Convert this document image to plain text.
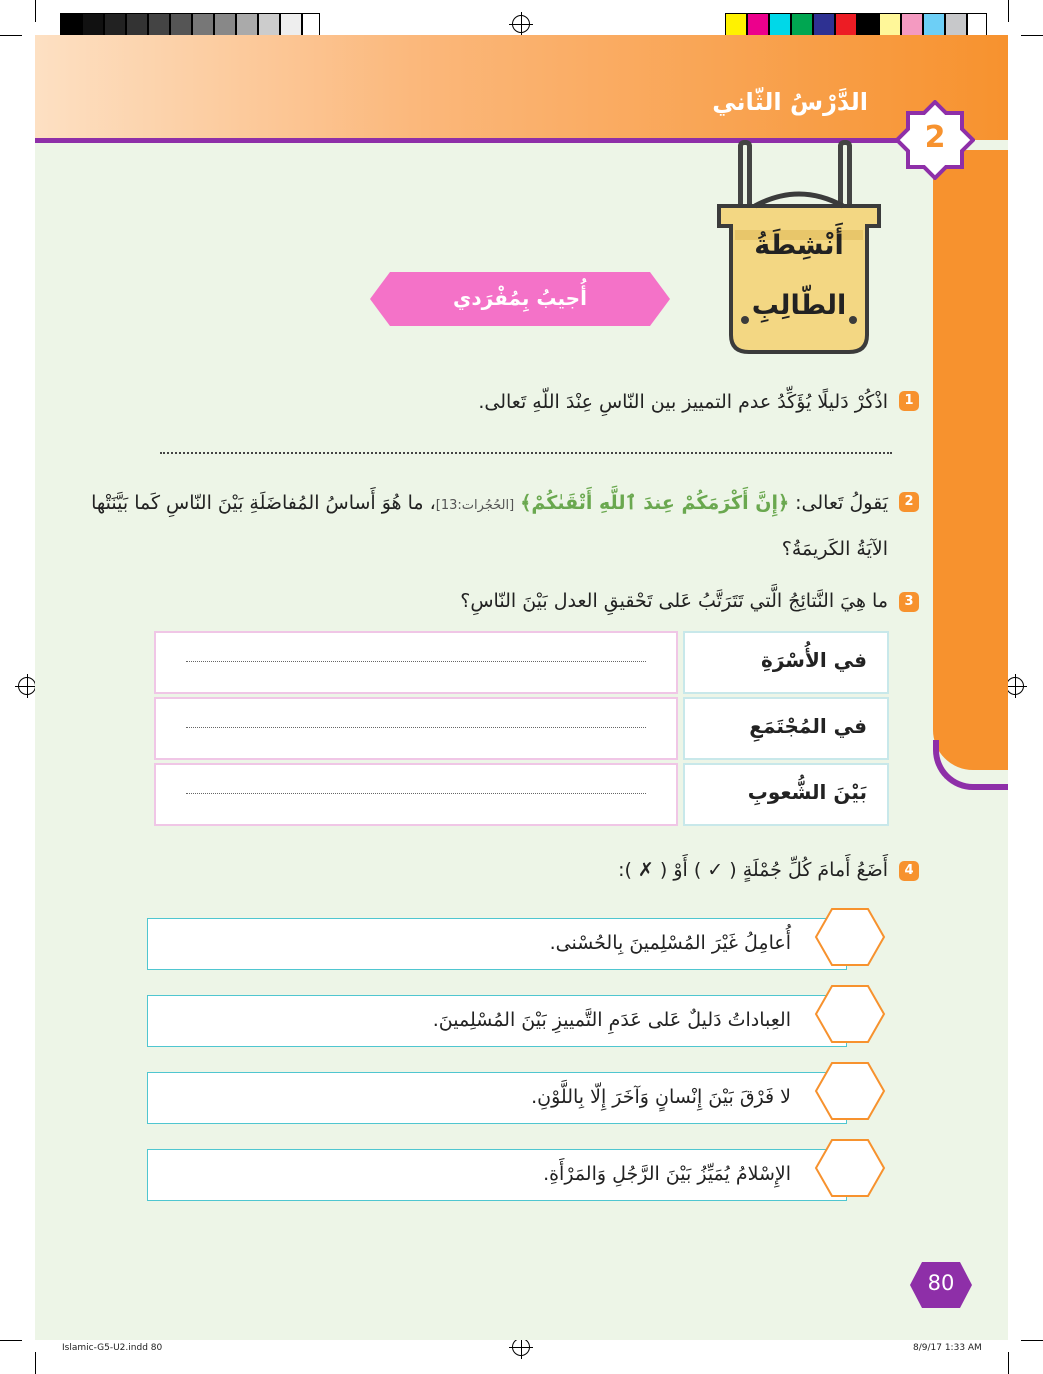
الدَّرْسُ الثّاني
2
أَنْشِطَةُ
الطّالِبِ
أُجيبُ بِمُفْرَدي
1
اذْكُرْ دَليلًا يُؤَكِّدُ عدم التمييز بين النّاسِ عِنْدَ اللّهِ تَعالى.
2
يَقولُ تَعالى: ﴿إِنَّ أَكْرَمَكُمْ عِندَ ٱللَّهِ أَتْقَىٰكُمْ﴾ [الحُجُرات:13]، ما هُوَ أَساسُ المُفاضَلَةِ بَيْنَ النّاسِ كَما بَيَّنَتْها
الآيَةُ الكَريمَةُ؟
3
ما هِيَ النَّتائِجُ الَّتي تَتَرَتَّبُ عَلى تَحْقيقِ العدل بَيْنَ النّاسِ؟
في الأُسْرَةِ
في المُجْتَمَعِ
بَيْنَ الشُّعوبِ
4
أَضَعُ أَمامَ كُلِّ جُمْلَةٍ ( ✓ ) أَوْ ( ✗ ):
أُعامِلُ غَيْرَ المُسْلِمينَ بِالحُسْنى.
العِباداتُ دَليلٌ عَلى عَدَمِ التَّمييزِ بَيْنَ المُسْلِمينَ.
لا فَرْقَ بَيْنَ إِنْسانٍ وَآخَرَ إِلّا بِاللَّوْنِ.
الإِسْلامُ يُمَيِّزُ بَيْنَ الرَّجُلِ وَالمَرْأَةِ.
80
Islamic-G5-U2.indd 80	8/9/17 1:33 AM
